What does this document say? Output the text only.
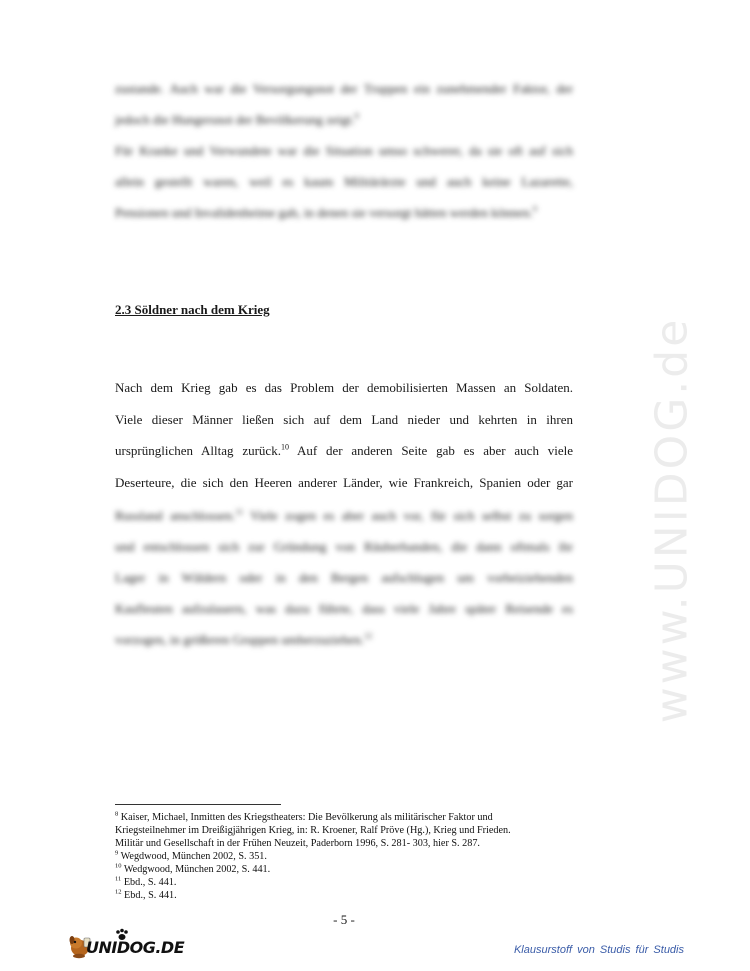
zustande. Auch war die Versorgungsnot der Truppen ein zunehmender Faktor, der
jedoch die Hungersnot der Bevölkerung zeigt.$^8$
Für Kranke und Verwundete war die Situation umso schwerer, da sie oft auf sich
allein gestellt waren, weil es kaum Militärärzte und auch keine Lazarette,
Pensionen und Invalidenheime gab, in denen sie versorgt hätten werden können.$^9$
2.3 Söldner nach dem Krieg
Nach dem Krieg gab es das Problem der demobilisierten Massen an Soldaten.
Viele dieser Männer ließen sich auf dem Land nieder und kehrten in ihren
ursprünglichen Alltag zurück.$^{10}$ Auf der anderen Seite gab es aber auch viele
Deserteure, die sich den Heeren anderer Länder, wie Frankreich, Spanien oder gar
Russland anschlossen.$^{11}$ Viele zogen es aber auch vor, für sich selbst zu sorgen
und entschlossen sich zur Gründung von Räuberbanden, die dann oftmals ihr
Lager in Wäldern oder in den Bergen aufschlugen um vorbeiziehenden
Kaufleuten aufzulauern, was dazu führte, dass viele Jahre später Reisende es
vorzogen, in größeren Gruppen umherzuziehen.$^{12}$	www.UNIDOG.de
$^8$ Kaiser, Michael, Inmitten des Kriegstheaters: Die Bevölkerung als militärischer Faktor und
Kriegsteilnehmer im Dreißigjährigen Krieg, in: R. Kroener, Ralf Pröve (Hg.), Krieg und Frieden.
Militär und Gesellschaft in der Frühen Neuzeit, Paderborn 1996, S. 281- 303, hier S. 287.
$^9$ Wegdwood, München 2002, S. 351.
$^{10}$ Wedgwood, München 2002, S. 441.
$^{11}$ Ebd., S. 441.
$^{12}$ Ebd., S. 441.
- 5 -
UNIDOG.DE	Klausurstoff von Studis für Studis
